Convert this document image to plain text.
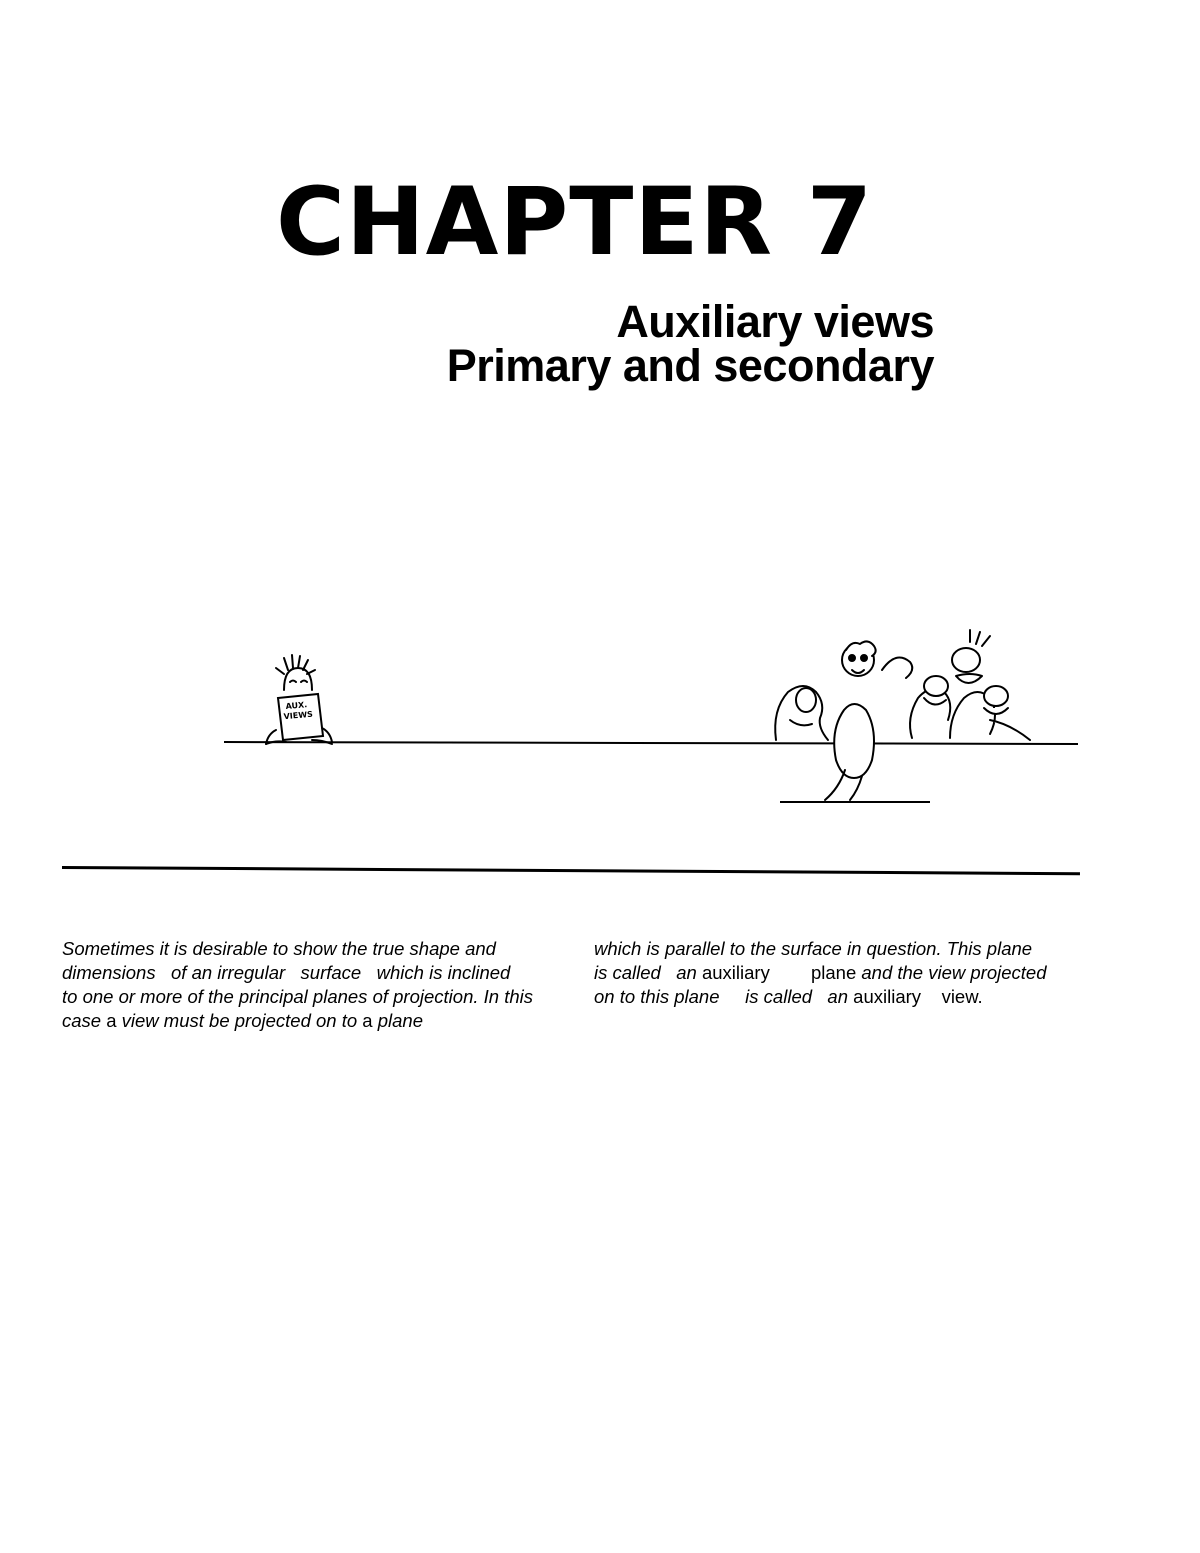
CHAPTER 7
Auxiliary views
Primary and secondary
AUX.
VIEWS
Sometimes it is desirable to show the true shape and
dimensions   of an irregular   surface   which is inclined
to one or more of the principal planes of projection. In this
case a view must be projected on to a plane
which is parallel to the surface in question. This plane
is called   an auxiliary        plane and the view projected
on to this plane     is called   an auxiliary    view.
